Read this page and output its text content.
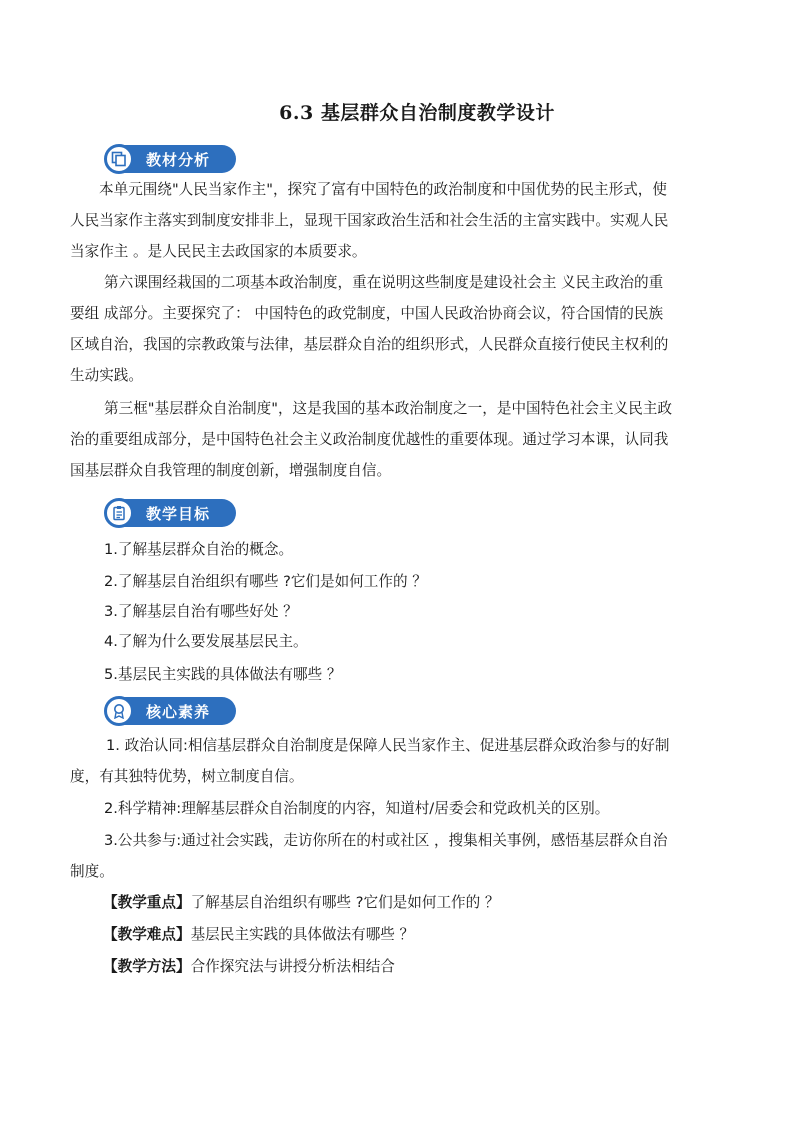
6.3 基层群众自治制度教学设计
教材分析
本单元围绕"人民当家作主"，探究了富有中国特色的政治制度和中国优势的民主形式，使
人民当家作主落实到制度安排非上，显现干国家政治生活和社会生活的主富实践中。实观人民
当家作主 。是人民民主去政国家的本质要求。
第六课围经栽国的二项基本政治制度，重在说明这些制度是建设社会主 义民主政治的重
要组 成部分。主要探究了： 中国特色的政党制度，中国人民政治协商会议，符合国情的民族
区域自治，我国的宗教政策与法律，基层群众自治的组织形式，人民群众直接行使民主权利的
生动实践。
第三框"基层群众自治制度"，这是我国的基本政治制度之一，是中国特色社会主义民主政
治的重要组成部分，是中国特色社会主义政治制度优越性的重要体现。通过学习本课，认同我
国基层群众自我管理的制度创新，增强制度自信。
教学目标
1.了解基层群众自治的概念。
2.了解基层自治组织有哪些 ?它们是如何工作的 ？
3.了解基层自治有哪些好处 ？
4.了解为什么要发展基层民主。
5.基层民主实践的具体做法有哪些 ？
核心素养
1. 政治认同:相信基层群众自治制度是保障人民当家作主、促进基层群众政治参与的好制
度，有其独特优势，树立制度自信。
2.科学精神:理解基层群众自治制度的内容，知道村/居委会和党政机关的区别。
3.公共参与:通过社会实践，走访你所在的村或社区 ，搜集相关事例，感悟基层群众自治
制度。
【教学重点】了解基层自治组织有哪些 ?它们是如何工作的 ？
【教学难点】基层民主实践的具体做法有哪些 ？
【教学方法】合作探究法与讲授分析法相结合
